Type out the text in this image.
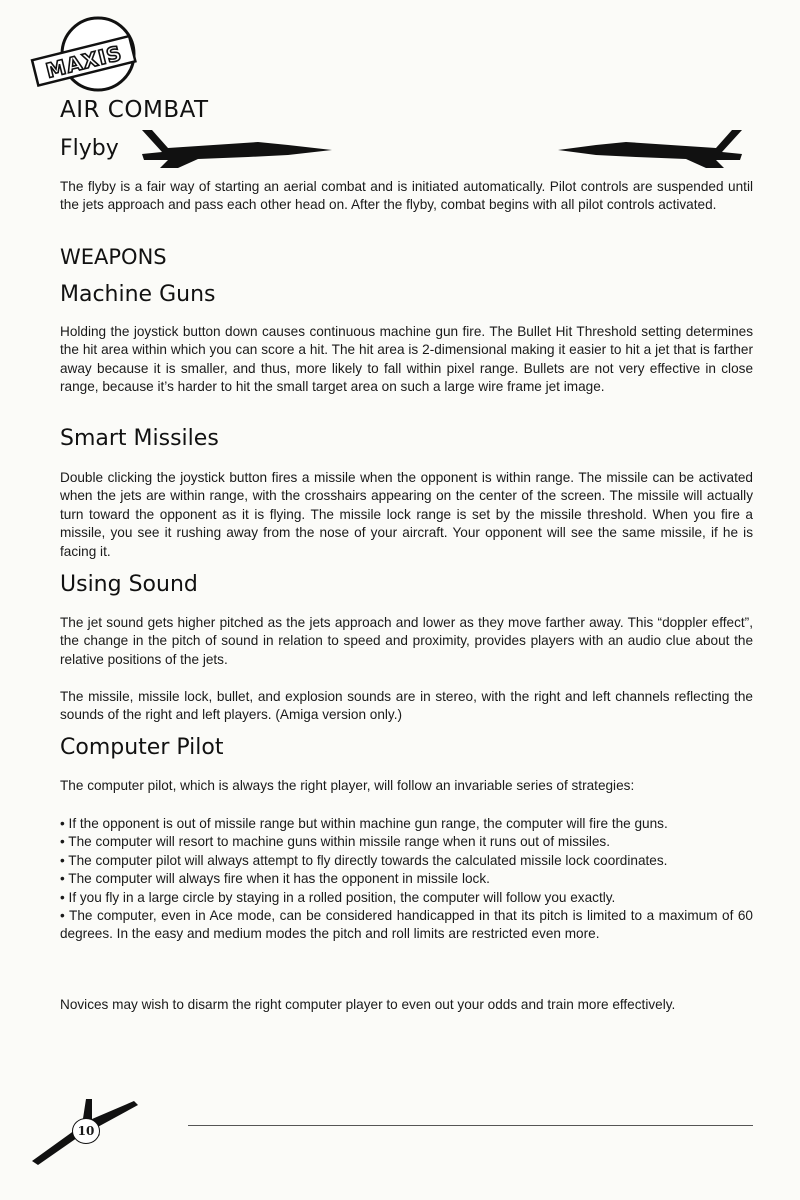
MAXIS
AIR COMBAT
Flyby
The flyby is a fair way of starting an aerial combat and is initiated automatically. Pilot controls are suspended until the jets approach and pass each other head on. After the flyby, combat begins with all pilot controls activated.
WEAPONS
Machine Guns
Holding the joystick button down causes continuous machine gun fire. The Bullet Hit Threshold setting determines the hit area within which you can score a hit. The hit area is 2-dimensional making it easier to hit a jet that is farther away because it is smaller, and thus, more likely to fall within pixel range. Bullets are not very effective in close range, because it’s harder to hit the small target area on such a large wire frame jet image.
Smart Missiles
Double clicking the joystick button fires a missile when the opponent is within range. The missile can be activated when the jets are within range, with the crosshairs appearing on the center of the screen. The missile will actually turn toward the opponent as it is flying. The missile lock range is set by the missile threshold. When you fire a missile, you see it rushing away from the nose of your aircraft. Your opponent will see the same missile, if he is facing it.
Using Sound
The jet sound gets higher pitched as the jets approach and lower as they move farther away. This “doppler effect”, the change in the pitch of sound in relation to speed and proximity, provides players with an audio clue about the relative positions of the jets.
The missile, missile lock, bullet, and explosion sounds are in stereo, with the right and left channels reflecting the sounds of the right and left players. (Amiga version only.)
Computer Pilot
The computer pilot, which is always the right player, will follow an invariable series of strategies:
• If the opponent is out of missile range but within machine gun range, the computer will fire the guns.
• The computer will resort to machine guns within missile range when it runs out of missiles.
• The computer pilot will always attempt to fly directly towards the calculated missile lock coordinates.
• The computer will always fire when it has the opponent in missile lock.
• If you fly in a large circle by staying in a rolled position, the computer will follow you exactly.
• The computer, even in Ace mode, can be considered handicapped in that its pitch is limited to a maximum of 60 degrees. In the easy and medium modes the pitch and roll limits are restricted even more.
Novices may wish to disarm the right computer player to even out your odds and train more effectively.
10
